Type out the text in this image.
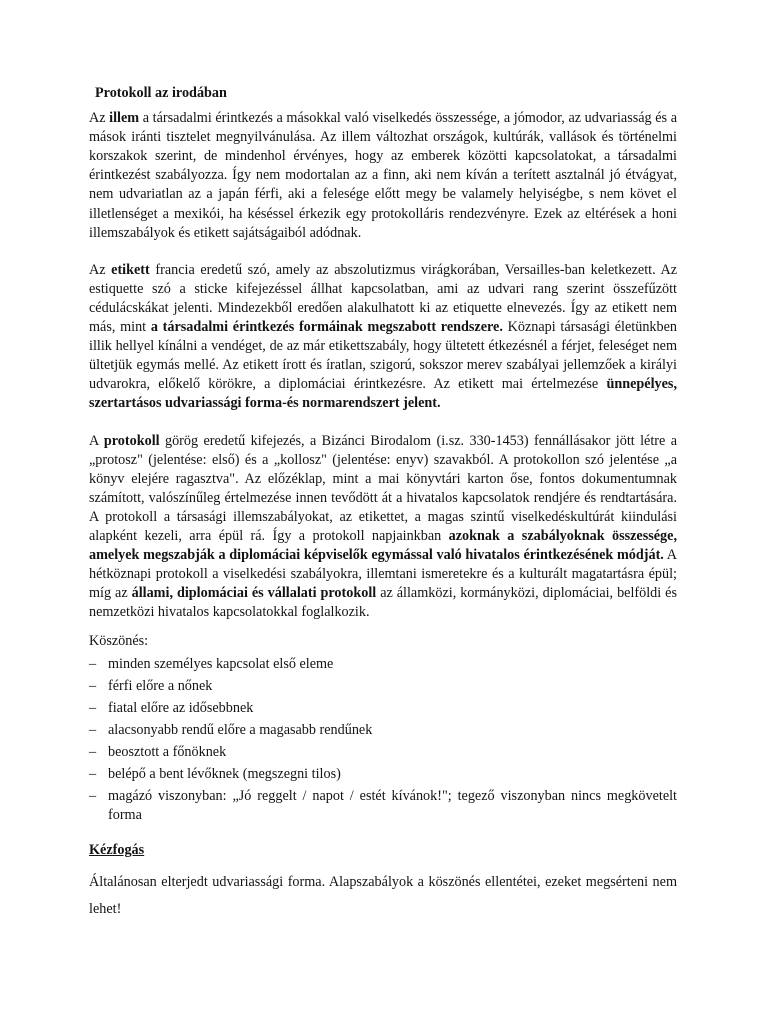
Protokoll az irodában

Az illem a társadalmi érintkezés a másokkal való viselkedés összessége, a jómodor, az udvariasság és a mások iránti tisztelet megnyilvánulása. Az illem változhat országok, kultúrák, vallások és történelmi korszakok szerint, de mindenhol érvényes, hogy az emberek közötti kapcsolatokat, a társadalmi érintkezést szabályozza. Így nem modortalan az a finn, aki nem kíván a terített asztalnál jó étvágyat, nem udvariatlan az a japán férfi, aki a felesége előtt megy be valamely helyiségbe, s nem követ el illetlenséget a mexikói, ha késéssel érkezik egy protokolláris rendezvényre. Ezek az eltérések a honi illemszabályok és etikett sajátságaiból adódnak.

Az etikett francia eredetű szó, amely az abszolutizmus virágkorában, Versailles-ban keletkezett. Az estiquette szó a sticke kifejezéssel állhat kapcsolatban, ami az udvari rang szerint összefűzött cédulácskákat jelenti. Mindezekből eredően alakulhatott ki az etiquette elnevezés. Így az etikett nem más, mint a társadalmi érintkezés formáinak megszabott rendszere. Köznapi társasági életünkben illik hellyel kínálni a vendéget, de az már etikettszabály, hogy ültetett étkezésnél a férjet, feleséget nem ültetjük egymás mellé. Az etikett írott és íratlan, szigorú, sokszor merev szabályai jellemzőek a királyi udvarokra, előkelő körökre, a diplomáciai érintkezésre. Az etikett mai értelmezése ünnepélyes, szertartásos udvariassági forma-és normarendszert jelent.

A protokoll görög eredetű kifejezés, a Bizánci Birodalom (i.sz. 330-1453) fennállásakor jött létre a „protosz" (jelentése: első) és a „kollosz" (jelentése: enyv) szavakból. A protokollon szó jelentése „a könyv elejére ragasztva". Az előzéklap, mint a mai könyvtári karton őse, fontos dokumentumnak számított, valószínűleg értelmezése innen tevődött át a hivatalos kapcsolatok rendjére és rendtartására. A protokoll a társasági illemszabályokat, az etikettet, a magas szintű viselkedéskultúrát kiindulási alapként kezeli, arra épül rá. Így a protokoll napjainkban azoknak a szabályoknak összessége, amelyek megszabják a diplomáciai képviselők egymással való hivatalos érintkezésének módját. A hétköznapi protokoll a viselkedési szabályokra, illemtani ismeretekre és a kulturált magatartásra épül; míg az állami, diplomáciai és vállalati protokoll az államközi, kormányközi, diplomáciai, belföldi és nemzetközi hivatalos kapcsolatokkal foglalkozik.

Köszönés:
– minden személyes kapcsolat első eleme
– férfi előre a nőnek
– fiatal előre az idősebbnek
– alacsonyabb rendű előre a magasabb rendűnek
– beosztott a főnöknek
– belépő a bent lévőknek (megszegni tilos)
– magázó viszonyban: „Jó reggelt / napot / estét kívánok!"; tegező viszonyban nincs megkövetelt forma
Kézfogás

Általánosan elterjedt udvariassági forma. Alapszabályok a köszönés ellentétei, ezeket megsérteni nem lehet!
